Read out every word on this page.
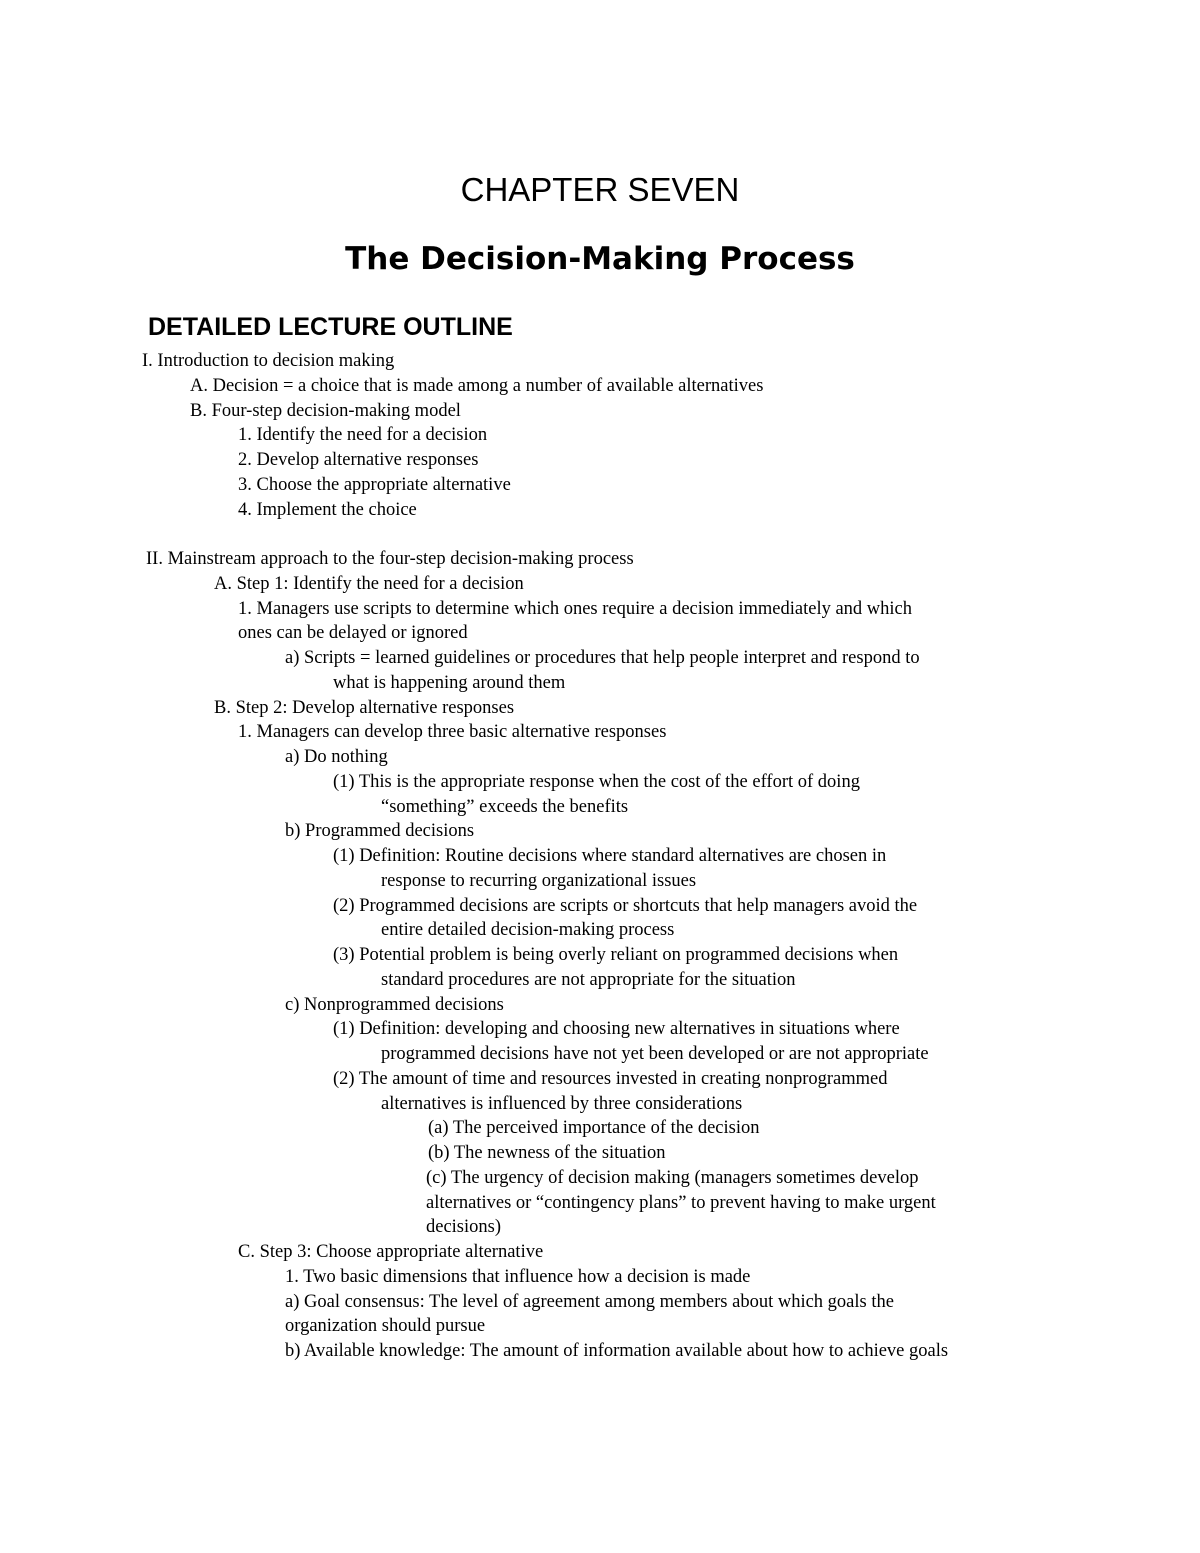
CHAPTER SEVEN
The Decision-Making Process
DETAILED LECTURE OUTLINE
I. Introduction to decision making
A. Decision = a choice that is made among a number of available alternatives
B. Four-step decision-making model
1. Identify the need for a decision
2. Develop alternative responses
3. Choose the appropriate alternative
4. Implement the choice
II. Mainstream approach to the four-step decision-making process
A. Step 1: Identify the need for a decision
1. Managers use scripts to determine which ones require a decision immediately and which
ones can be delayed or ignored
a) Scripts = learned guidelines or procedures that help people interpret and respond to
what is happening around them
B. Step 2: Develop alternative responses
1. Managers can develop three basic alternative responses
a) Do nothing
(1) This is the appropriate response when the cost of the effort of doing
“something” exceeds the benefits
b) Programmed decisions
(1) Definition: Routine decisions where standard alternatives are chosen in
response to recurring organizational issues
(2) Programmed decisions are scripts or shortcuts that help managers avoid the
entire detailed decision-making process
(3) Potential problem is being overly reliant on programmed decisions when
standard procedures are not appropriate for the situation
c) Nonprogrammed decisions
(1) Definition: developing and choosing new alternatives in situations where
programmed decisions have not yet been developed or are not appropriate
(2) The amount of time and resources invested in creating nonprogrammed
alternatives is influenced by three considerations
(a) The perceived importance of the decision
(b) The newness of the situation
(c) The urgency of decision making (managers sometimes develop
alternatives or “contingency plans” to prevent having to make urgent
decisions)
C. Step 3: Choose appropriate alternative
1. Two basic dimensions that influence how a decision is made
a) Goal consensus: The level of agreement among members about which goals the
organization should pursue
b) Available knowledge: The amount of information available about how to achieve goals
